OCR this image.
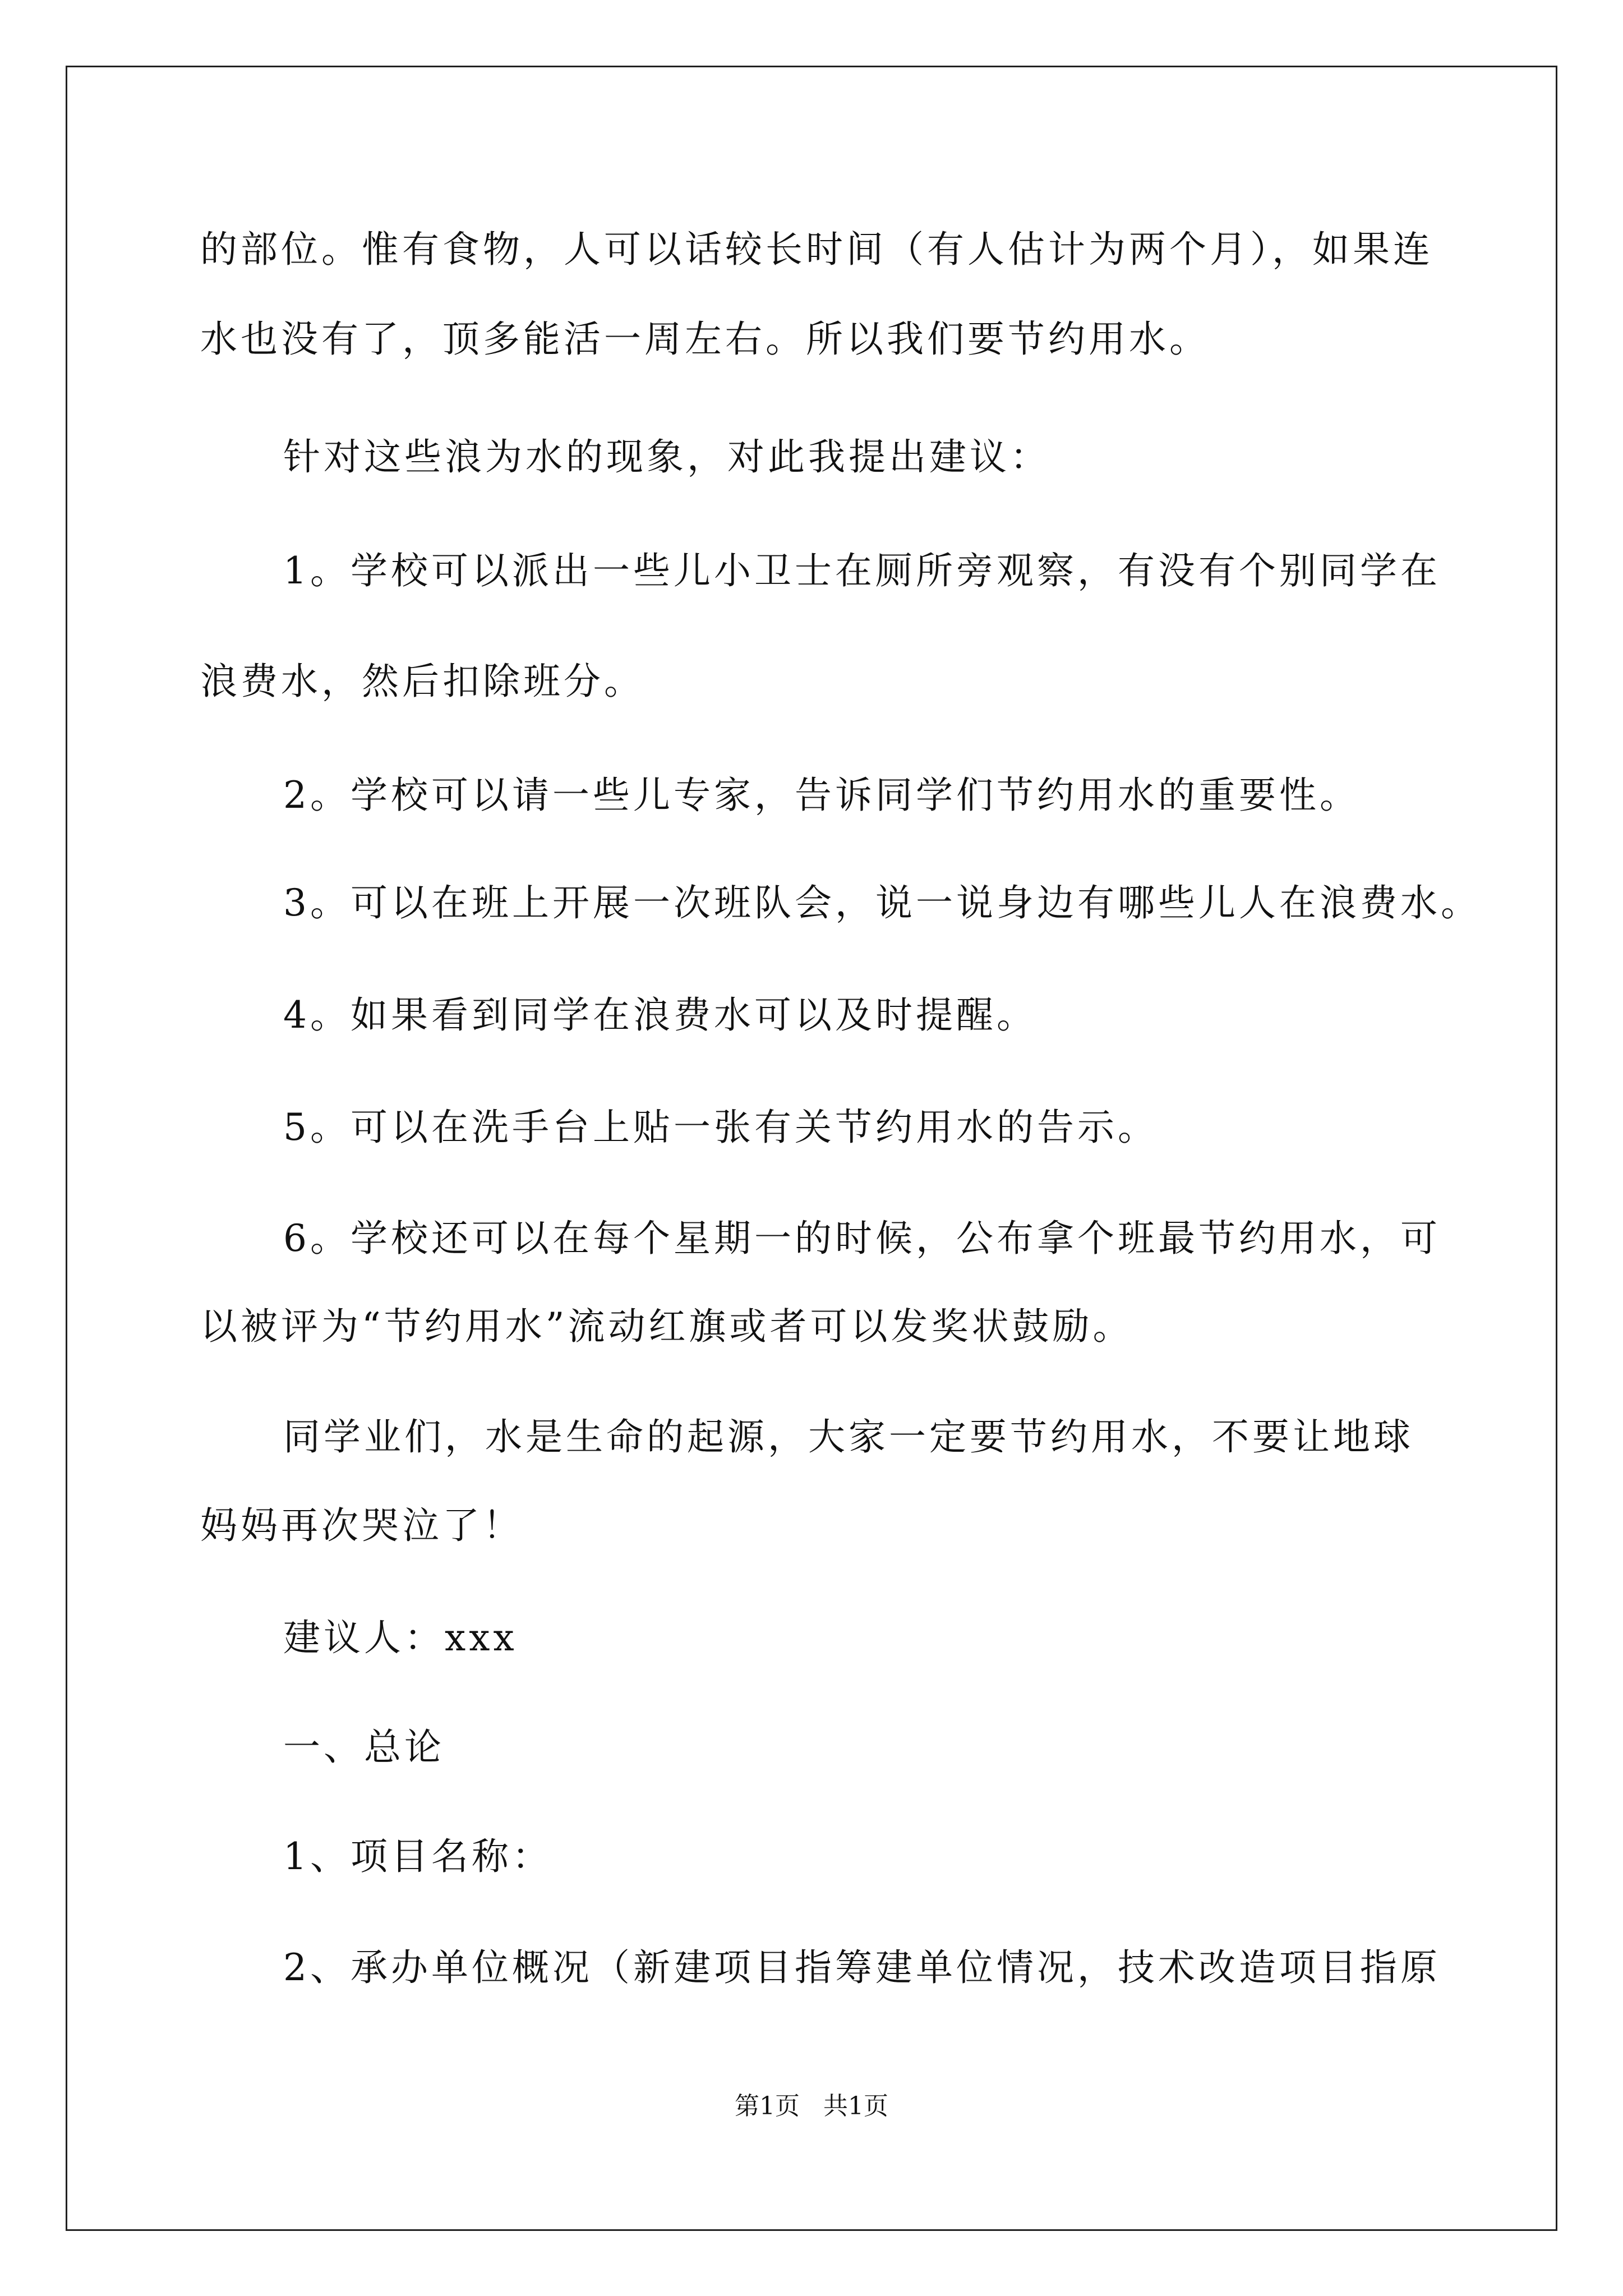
的部位。惟有食物，人可以话较长时间（有人估计为两个月），如果连
水也没有了，顶多能活一周左右。所以我们要节约用水。
针对这些浪为水的现象，对此我提出建议：
1。学校可以派出一些儿小卫士在厕所旁观察，有没有个别同学在
浪费水，然后扣除班分。
2。学校可以请一些儿专家，告诉同学们节约用水的重要性。
3。可以在班上开展一次班队会，说一说身边有哪些儿人在浪费水。
4。如果看到同学在浪费水可以及时提醒。
5。可以在洗手台上贴一张有关节约用水的告示。
6。学校还可以在每个星期一的时候，公布拿个班最节约用水，可
以被评为“节约用水”流动红旗或者可以发奖状鼓励。
同学业们，水是生命的起源，大家一定要节约用水，不要让地球
妈妈再次哭泣了！
建议人：xxx
一、总论
1、项目名称：
2、承办单位概况（新建项目指筹建单位情况，技术改造项目指原
第1页   共1页
